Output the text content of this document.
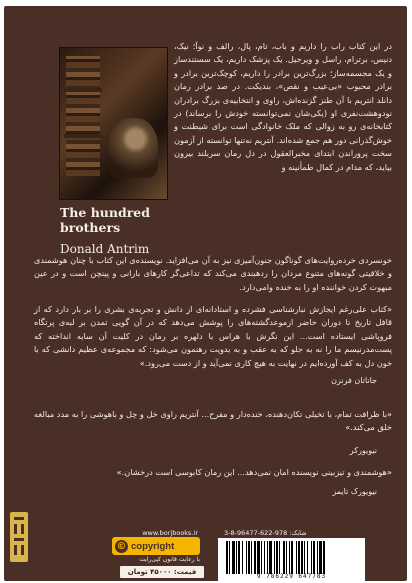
The hundred
brothers
Donald Antrim
در این کتاب راب را داریم و باب، تام، پال، رالف و نوآ؛ نیک، دنیس، برترام، راسل و ویرجیل. یک پزشک داریم، یک سستندساز و یک مجسمه‌ساز؛ بزرگ‌ترین برادر را داریم، کوچک‌ترین برادر و برادر محبوب «بی‌عیب و نقص»، بندیکت. در صد برادر رمان دانلد انتریم با آن طنز گزنده‌اش، راوی و انتخابیه‌ی بزرگ برادران نودوهشت‌نفری او (یکی‌شان نمی‌توانسته خودش را برساند) در کتابخانه‌ی رو به زوالی که ملک خانوادگی است برای شیطنت و خوش‌گذرانی دور هم جمع شده‌اند. آنتریم نه‌تنها توانسته از آزمون سخت پروراندن ابتدای مخبرالعقول در دل رمان سربلند بیرون بیاید، که مدام در کمال طمأنینه و
خونسردی خرده‌روایت‌های گوناگون جنون‌آمیزی نیز به آن می‌افزاید. نویسنده‌ی این کتاب با چنان هوشمندی و خلاقیتی گونه‌های متنوع مردان را ردهبندی می‌کند که تداعی‌گر کارهای بارانی و پینچن است و در عین مبهوت کردن خواننده او را به خنده وامی‌دارد.
«کتاب علی‌رغم ایجازش نبارشناسی فشرده و استادانه‌ای از دانش و تجربه‌ی بشری را بر بار دارد که از قافل تاریخ تا دوران حاضر ازموعدگشته‌های را پوشش می‌دهد که در آن گویی تمدن بر لبه‌ی پرتگاه فروپاشی ایستاده است... این نگرش با هراس با دلهره بر رمان در کلیت آن سایه انداخته که پست‌مدرنیسم ما را نه به جلو که به عقب و به بدویت رهنمون می‌شود: که مجموعه‌ی عظیم دانشی که با خون دل به کف آورده‌ایم در نهایت به هیچ کاری نمی‌آید و از دست می‌رود.»
جاناتان فرنزن
«با ظرافت تمام، با تخیلی تکان‌دهنده، خنده‌دار و مفرح... آنتریم راوی خل و چل و باهوشی را به مدد مبالغه خلق می‌کند.»
نیویورکر
«هوشمندی و تیزبینی نویسنده امان نمی‌دهد... این رمان کابوسی است درخشان.»
نیویورک تایمز
www.borjbooks.ir
© copyright
با رعایت قانون کپی‌رایت
قیمت: ۴۵۰۰۰ تومان
شابک: 978-622-96477-8-3
9 786229 647783
